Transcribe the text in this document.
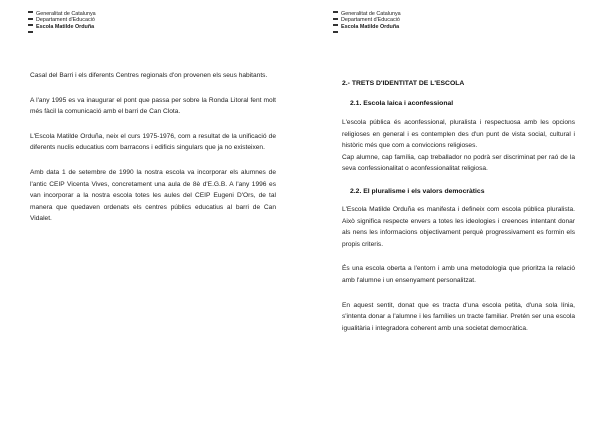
Generalitat de Catalunya
Departament d'Educació
Escola Matilde Orduña

Casal del Barri i els diferents Centres regionals d'on provenen els seus habitants.

A l'any 1995 es va inaugurar el pont que passa per sobre la Ronda Litoral fent molt més fàcil la comunicació amb el barri de Can Clota.

L'Escola Matilde Orduña, neix el curs 1975-1976, com a resultat de la unificació de diferents nuclis educatius com barracons i edificis singulars que ja no existeixen.

Amb data 1 de setembre de 1990 la nostra escola va incorporar els alumnes de l'antic CEIP Vicenta Vives, concretament una aula de 8è d'E.G.B. A l'any 1996 es van incorporar a la nostra escola totes les aules del CEIP Eugeni D'Ors, de tal manera que quedaven ordenats els centres públics educatius al barri de Can Vidalet.

Generalitat de Catalunya
Departament d'Educació
Escola Matilde Orduña
2.- TRETS D'IDENTITAT DE L'ESCOLA
2.1. Escola laica i aconfessional
L'escola pública és aconfessional, pluralista i respectuosa amb les opcions religioses en general i es contemplen des d'un punt de vista social, cultural i històric més que com a conviccions religioses.
Cap alumne, cap família, cap treballador no podrà ser discriminat per raó de la seva confessionalitat o aconfessionalitat religiosa.
2.2. El pluralisme i els valors democràtics

L'Escola Matilde Orduña es manifesta i defineix com escola pública pluralista. Això significa respecte envers a totes les ideologies i creences intentant donar als nens les informacions objectivament perquè progressivament es formin els propis criteris.

És una escola oberta a l'entorn i amb una metodologia que prioritza la relació amb l'alumne i un ensenyament personalitzat.

En aquest sentit, donat que es tracta d'una escola petita, d'una sola línia, s'intenta donar a l'alumne i les famílies un tracte familiar. Pretén ser una escola igualitària i integradora coherent amb una societat democràtica.
